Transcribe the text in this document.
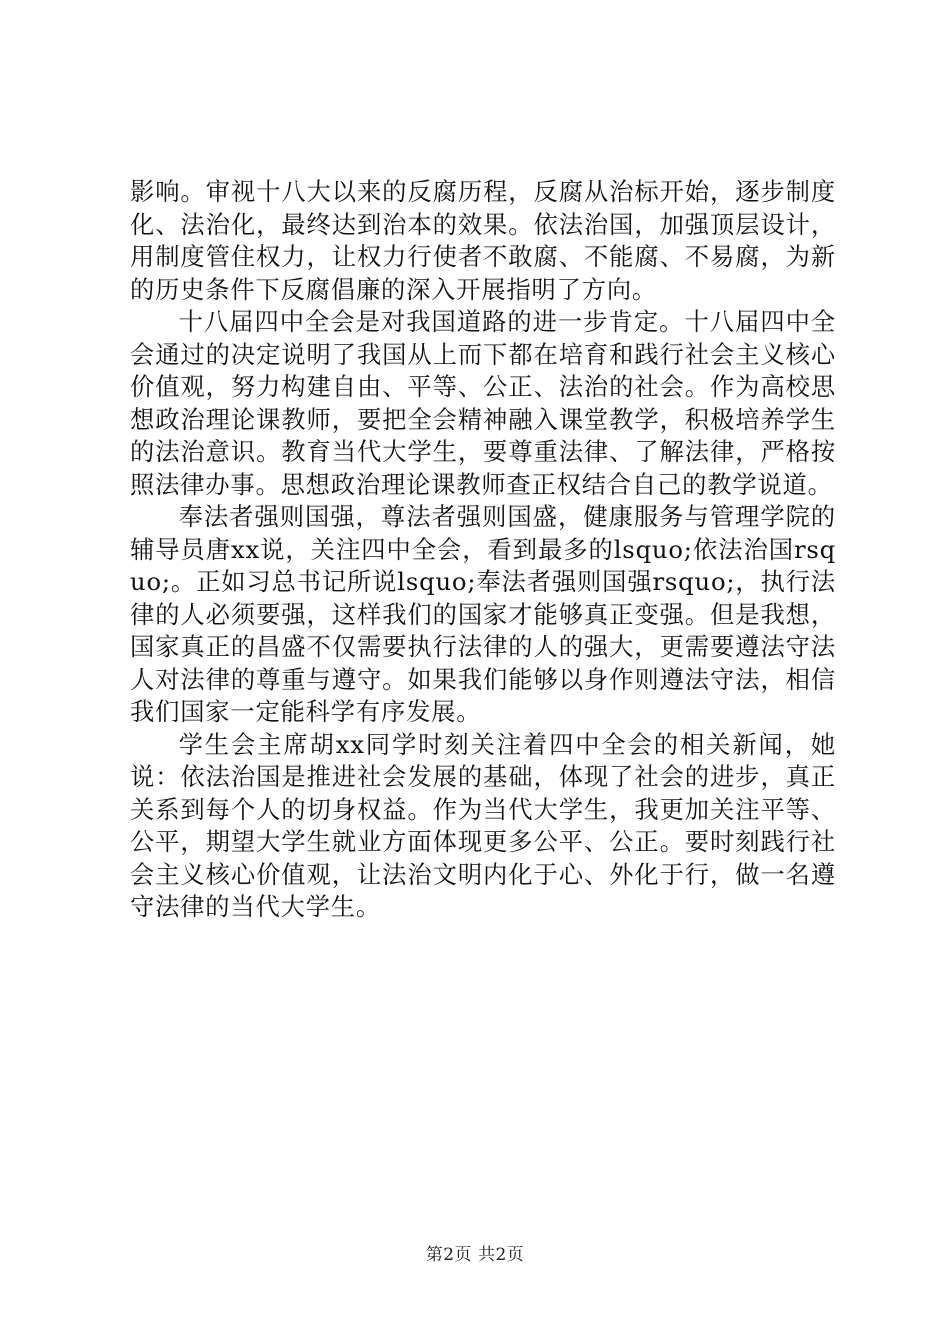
影响。审视十八大以来的反腐历程，反腐从治标开始，逐步制度化、法治化，最终达到治本的效果。依法治国，加强顶层设计，用制度管住权力，让权力行使者不敢腐、不能腐、不易腐，为新的历史条件下反腐倡廉的深入开展指明了方向。

十八届四中全会是对我国道路的进一步肯定。十八届四中全会通过的决定说明了我国从上而下都在培育和践行社会主义核心价值观，努力构建自由、平等、公正、法治的社会。作为高校思想政治理论课教师，要把全会精神融入课堂教学，积极培养学生的法治意识。教育当代大学生，要尊重法律、了解法律，严格按照法律办事。思想政治理论课教师查正权结合自己的教学说道。

奉法者强则国强，尊法者强则国盛，健康服务与管理学院的辅导员唐xx说，关注四中全会，看到最多的lsquo;依法治国rsquo;。正如习总书记所说lsquo;奉法者强则国强rsquo;，执行法律的人必须要强，这样我们的国家才能够真正变强。但是我想，国家真正的昌盛不仅需要执行法律的人的强大，更需要遵法守法人对法律的尊重与遵守。如果我们能够以身作则遵法守法，相信我们国家一定能科学有序发展。

学生会主席胡xx同学时刻关注着四中全会的相关新闻，她说：依法治国是推进社会发展的基础，体现了社会的进步，真正关系到每个人的切身权益。作为当代大学生，我更加关注平等、公平，期望大学生就业方面体现更多公平、公正。要时刻践行社会主义核心价值观，让法治文明内化于心、外化于行，做一名遵守法律的当代大学生。

第2页 共2页
